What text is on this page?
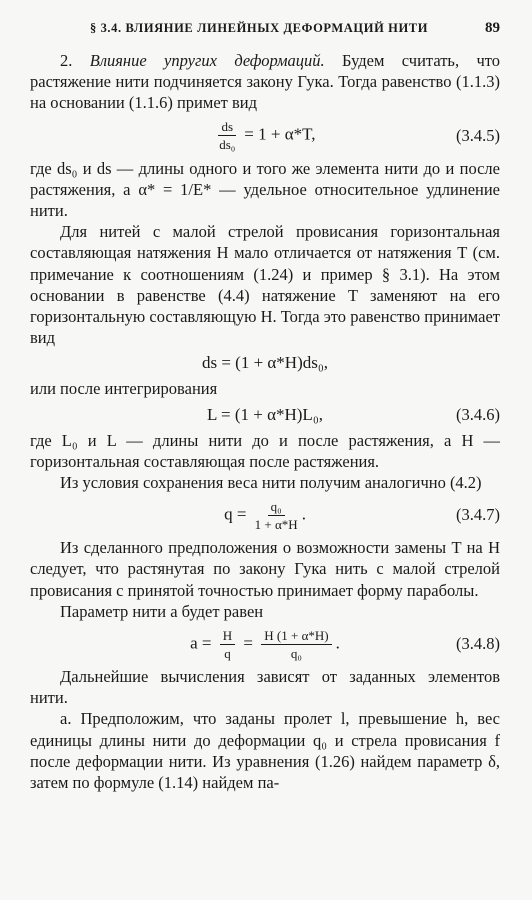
§ 3.4. ВЛИЯНИЕ ЛИНЕЙНЫХ ДЕФОРМАЦИЙ НИТИ	89

2. Влияние упругих деформаций. Будем считать, что растяжение нити подчиняется закону Гука. Тогда равенство (1.1.3) на основании (1.1.6) примет вид

$\frac{ds}{\text{ds₀}} = 1 + \alpha*T$,	(3.4.5)

где ds₀ и ds — длины одного и того же элемента нити до и после растяжения, а α* = 1/E* — удельное относительное удлинение нити.

Для нитей с малой стрелой провисания горизонтальная составляющая натяжения H мало отличается от натяжения T (см. примечание к соотношениям (1.24) и пример § 3.1). На этом основании в равенстве (4.4) натяжение T заменяют на его горизонтальную составляющую H. Тогда это равенство принимает вид

ds = (1 + α*H)ds₀,

или после интегрирования

L = (1 + α*H)L₀,	(3.4.6)

где L₀ и L — длины нити до и после растяжения, а H — горизонтальная составляющая после растяжения.

Из условия сохранения веса нити получим аналогично (4.2)

$q = \frac{\text{q₀}}{1 + \alpha*H}$ .	(3.4.7)

Из сделанного предположения о возможности замены T на H следует, что растянутая по закону Гука нить с малой стрелой провисания с принятой точностью принимает форму параболы.

Параметр нити a будет равен

$a = \frac{H}{q} = \frac{H (1 + \alpha*H)}{\text{q₀}}$ .	(3.4.8)

Дальнейшие вычисления зависят от заданных элементов нити.

а. Предположим, что заданы пролет l, превышение h, вес единицы длины нити до деформации q₀ и стрела провисания f после деформации нити. Из уравнения (1.26) найдем параметр δ, затем по формуле (1.14) найдем па-
